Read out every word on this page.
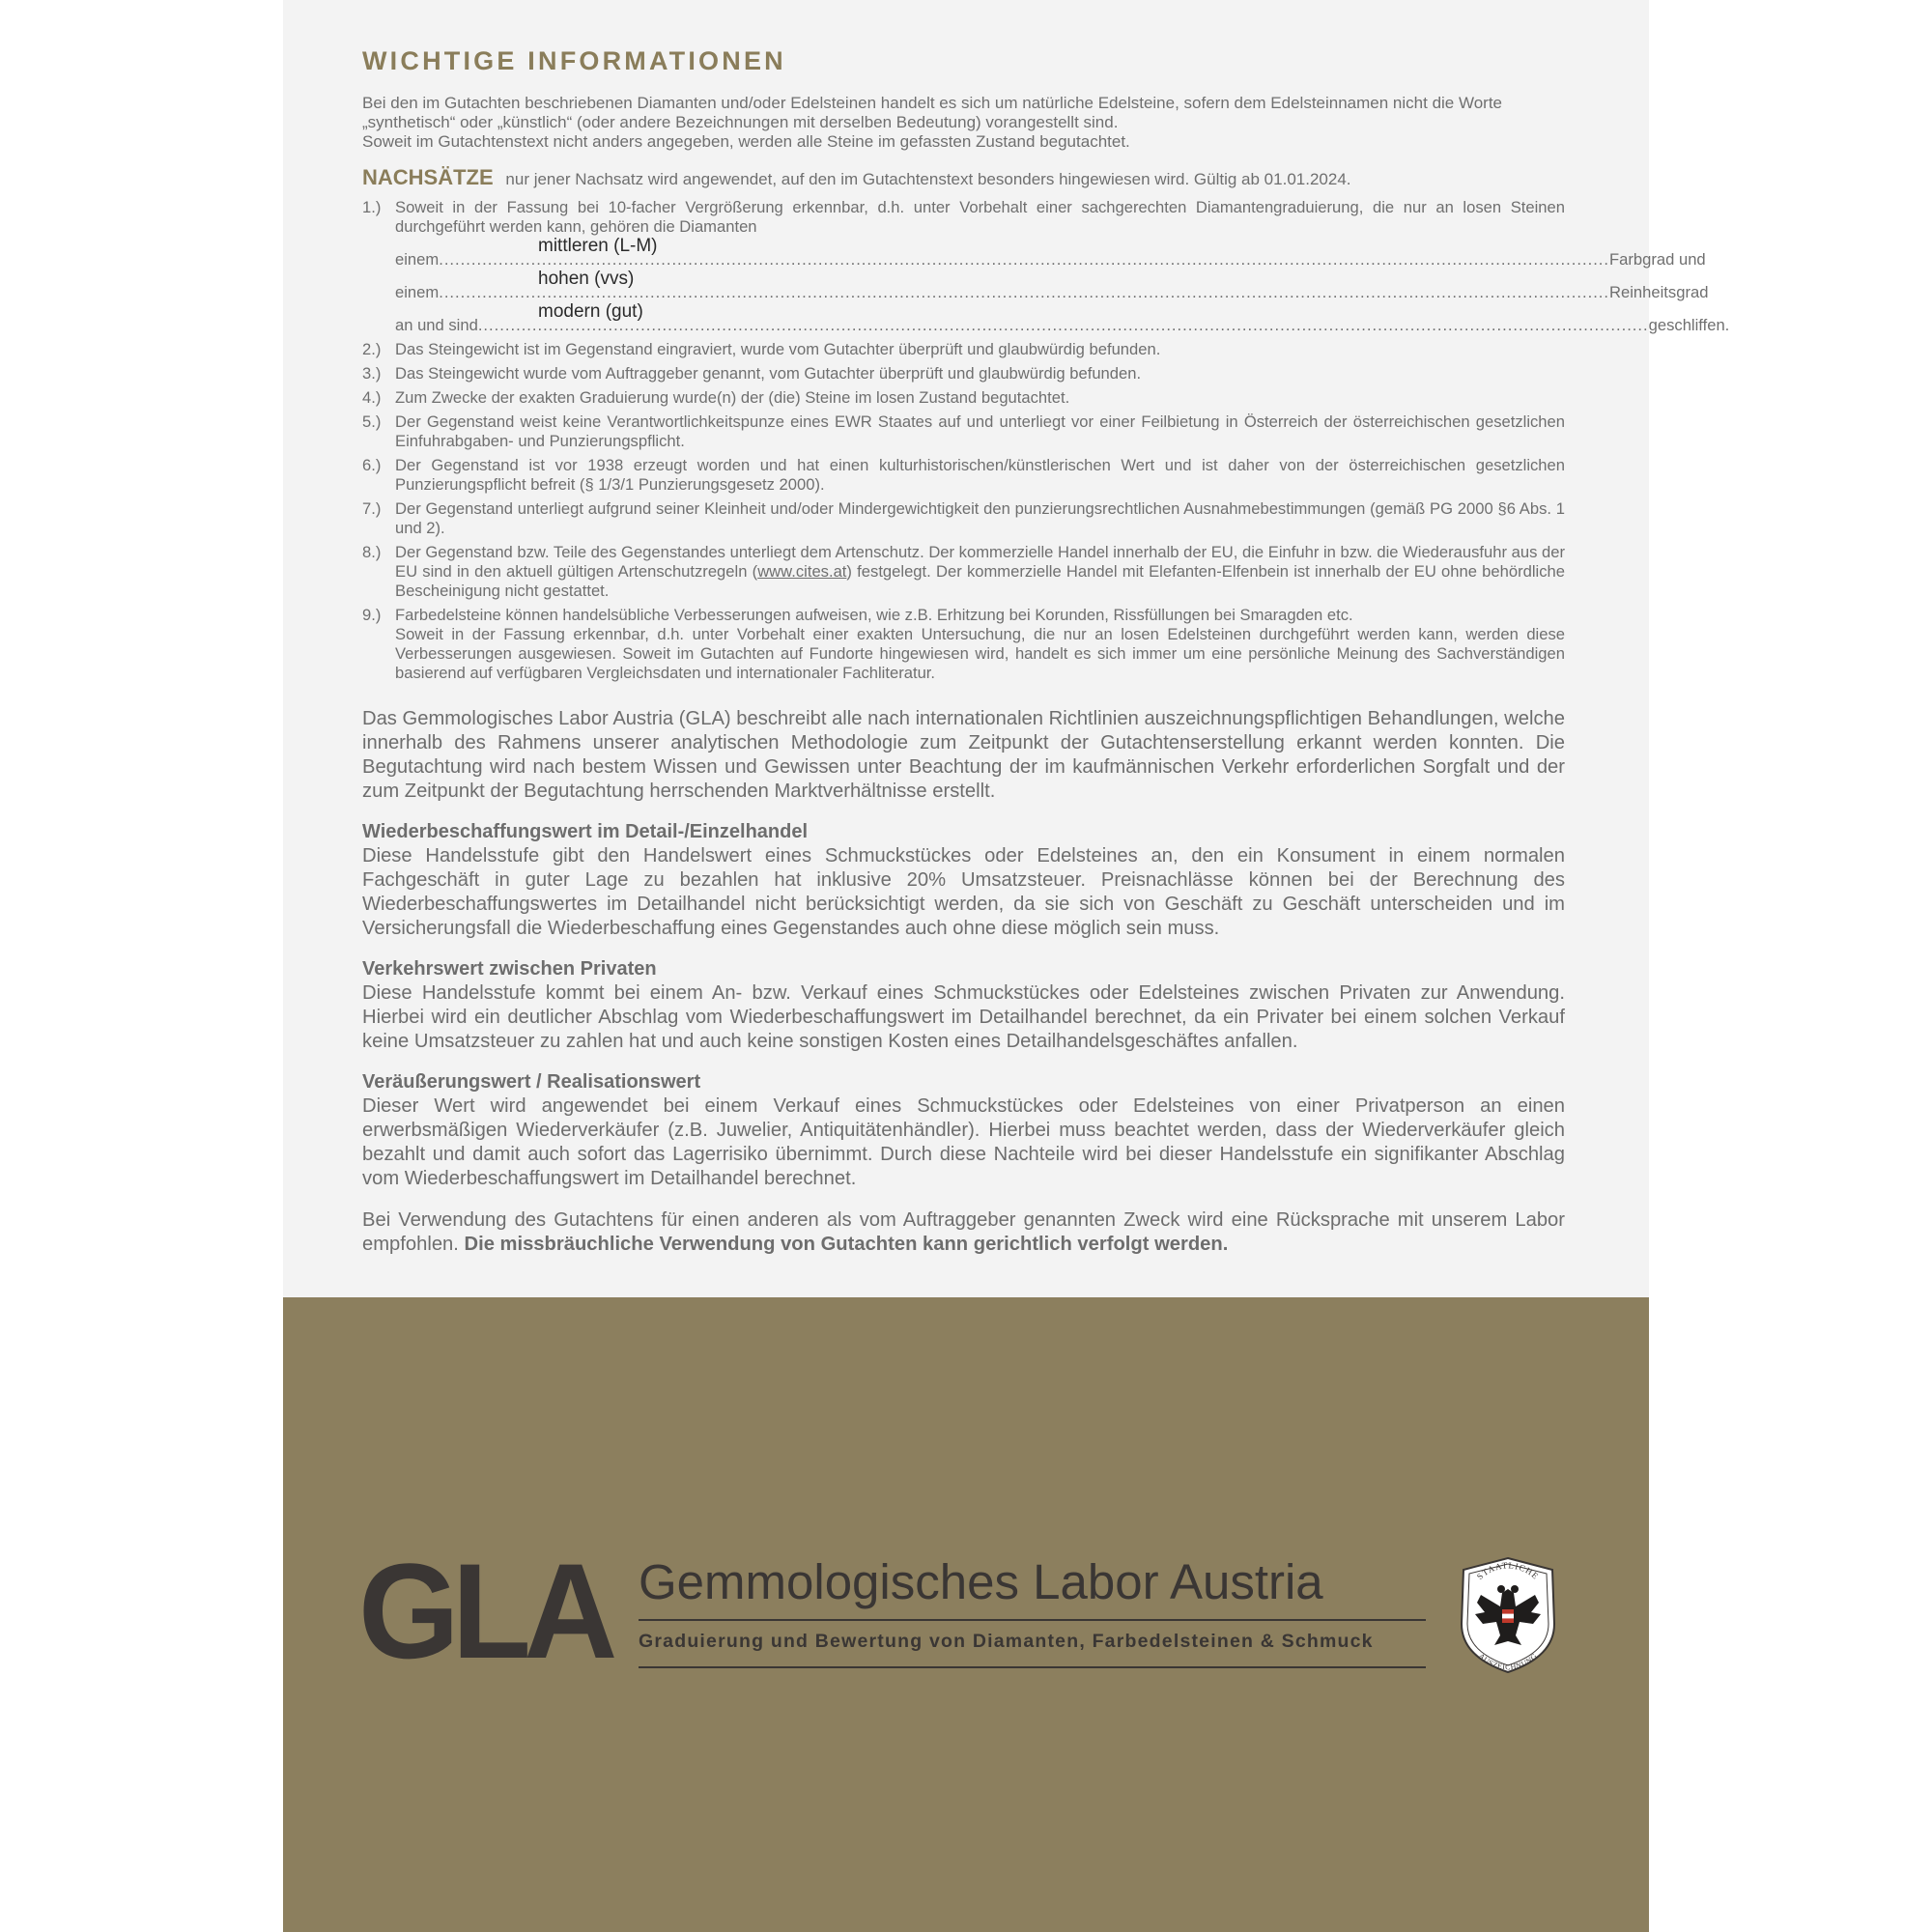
WICHTIGE INFORMATIONEN

Bei den im Gutachten beschriebenen Diamanten und/oder Edelsteinen handelt es sich um natürliche Edelsteine, sofern dem Edelsteinnamen nicht die Worte „synthetisch“ oder „künstlich“ (oder andere Bezeichnungen mit derselben Bedeutung) vorangestellt sind.

Soweit im Gutachtenstext nicht anders angegeben, werden alle Steine im gefassten Zustand begutachtet.

NACHSÄTZE nur jener Nachsatz wird angewendet, auf den im Gutachtenstext besonders hingewiesen wird. Gültig ab 01.01.2024.
1.) Soweit in der Fassung bei 10-facher Vergrößerung erkennbar, d.h. unter Vorbehalt einer sachgerechten Diamantengraduierung, die nur an losen Steinen durchgeführt werden kann, gehören die Diamanten

einem ........................................................................................................................................................................................................................ Farbgrad und
mittleren (L-M)
einem ........................................................................................................................................................................................................................ Reinheitsgrad
hohen (vvs)
an und sind ........................................................................................................................................................................................................................ geschliffen.
modern (gut)
2.) Das Steingewicht ist im Gegenstand eingraviert, wurde vom Gutachter überprüft und glaubwürdig befunden.

3.) Das Steingewicht wurde vom Auftraggeber genannt, vom Gutachter überprüft und glaubwürdig befunden.

4.) Zum Zwecke der exakten Graduierung wurde(n) der (die) Steine im losen Zustand begutachtet.

5.) Der Gegenstand weist keine Verantwortlichkeitspunze eines EWR Staates auf und unterliegt vor einer Feilbietung in Österreich der österreichischen gesetzlichen Einfuhrabgaben- und Punzierungspflicht.

6.) Der Gegenstand ist vor 1938 erzeugt worden und hat einen kulturhistorischen/künstlerischen Wert und ist daher von der österreichischen gesetzlichen Punzierungspflicht befreit (§ 1/3/1 Punzierungsgesetz 2000).

7.) Der Gegenstand unterliegt aufgrund seiner Kleinheit und/oder Mindergewichtigkeit den punzierungsrechtlichen Ausnahmebestimmungen (gemäß PG 2000 §6 Abs. 1 und 2).

8.) Der Gegenstand bzw. Teile des Gegenstandes unterliegt dem Artenschutz. Der kommerzielle Handel innerhalb der EU, die Einfuhr in bzw. die Wiederausfuhr aus der EU sind in den aktuell gültigen Artenschutzregeln (www.cites.at) festgelegt. Der kommerzielle Handel mit Elefanten-Elfenbein ist innerhalb der EU ohne behördliche Bescheinigung nicht gestattet.

9.) Farbedelsteine können handelsübliche Verbesserungen aufweisen, wie z.B. Erhitzung bei Korunden, Rissfüllungen bei Smaragden etc.

Soweit in der Fassung erkennbar, d.h. unter Vorbehalt einer exakten Untersuchung, die nur an losen Edelsteinen durchgeführt werden kann, werden diese Verbesserungen ausgewiesen. Soweit im Gutachten auf Fundorte hingewiesen wird, handelt es sich immer um eine persönliche Meinung des Sachverständigen basierend auf verfügbaren Vergleichsdaten und internationaler Fachliteratur.

Das Gemmologisches Labor Austria (GLA) beschreibt alle nach internationalen Richtlinien auszeichnungspflichtigen Behandlungen, welche innerhalb des Rahmens unserer analytischen Methodologie zum Zeitpunkt der Gutachtenserstellung erkannt werden konnten. Die Begutachtung wird nach bestem Wissen und Gewissen unter Beachtung der im kaufmännischen Verkehr erforderlichen Sorgfalt und der zum Zeitpunkt der Begutachtung herrschenden Marktverhältnisse erstellt.

Wiederbeschaffungswert im Detail-/Einzelhandel

Diese Handelsstufe gibt den Handelswert eines Schmuckstückes oder Edelsteines an, den ein Konsument in einem normalen Fachgeschäft in guter Lage zu bezahlen hat inklusive 20% Umsatzsteuer. Preisnachlässe können bei der Berechnung des Wiederbeschaffungswertes im Detailhandel nicht berücksichtigt werden, da sie sich von Geschäft zu Geschäft unterscheiden und im Versicherungsfall die Wiederbeschaffung eines Gegenstandes auch ohne diese möglich sein muss.

Verkehrswert zwischen Privaten

Diese Handelsstufe kommt bei einem An- bzw. Verkauf eines Schmuckstückes oder Edelsteines zwischen Privaten zur Anwendung. Hierbei wird ein deutlicher Abschlag vom Wiederbeschaffungswert im Detailhandel berechnet, da ein Privater bei einem solchen Verkauf keine Umsatzsteuer zu zahlen hat und auch keine sonstigen Kosten eines Detailhandelsgeschäftes anfallen.

Veräußerungswert / Realisationswert

Dieser Wert wird angewendet bei einem Verkauf eines Schmuckstückes oder Edelsteines von einer Privatperson an einen erwerbsmäßigen Wiederverkäufer (z.B. Juwelier, Antiquitätenhändler). Hierbei muss beachtet werden, dass der Wiederverkäufer gleich bezahlt und damit auch sofort das Lagerrisiko übernimmt. Durch diese Nachteile wird bei dieser Handelsstufe ein signifikanter Abschlag vom Wiederbeschaffungswert im Detailhandel berechnet.

Bei Verwendung des Gutachtens für einen anderen als vom Auftraggeber genannten Zweck wird eine Rücksprache mit unserem Labor empfohlen. Die missbräuchliche Verwendung von Gutachten kann gerichtlich verfolgt werden.

GLA Gemmologisches Labor Austria
Graduierung und Bewertung von Diamanten, Farbedelsteinen & Schmuck
STAATLICHE
AUSZEICHNUNG
